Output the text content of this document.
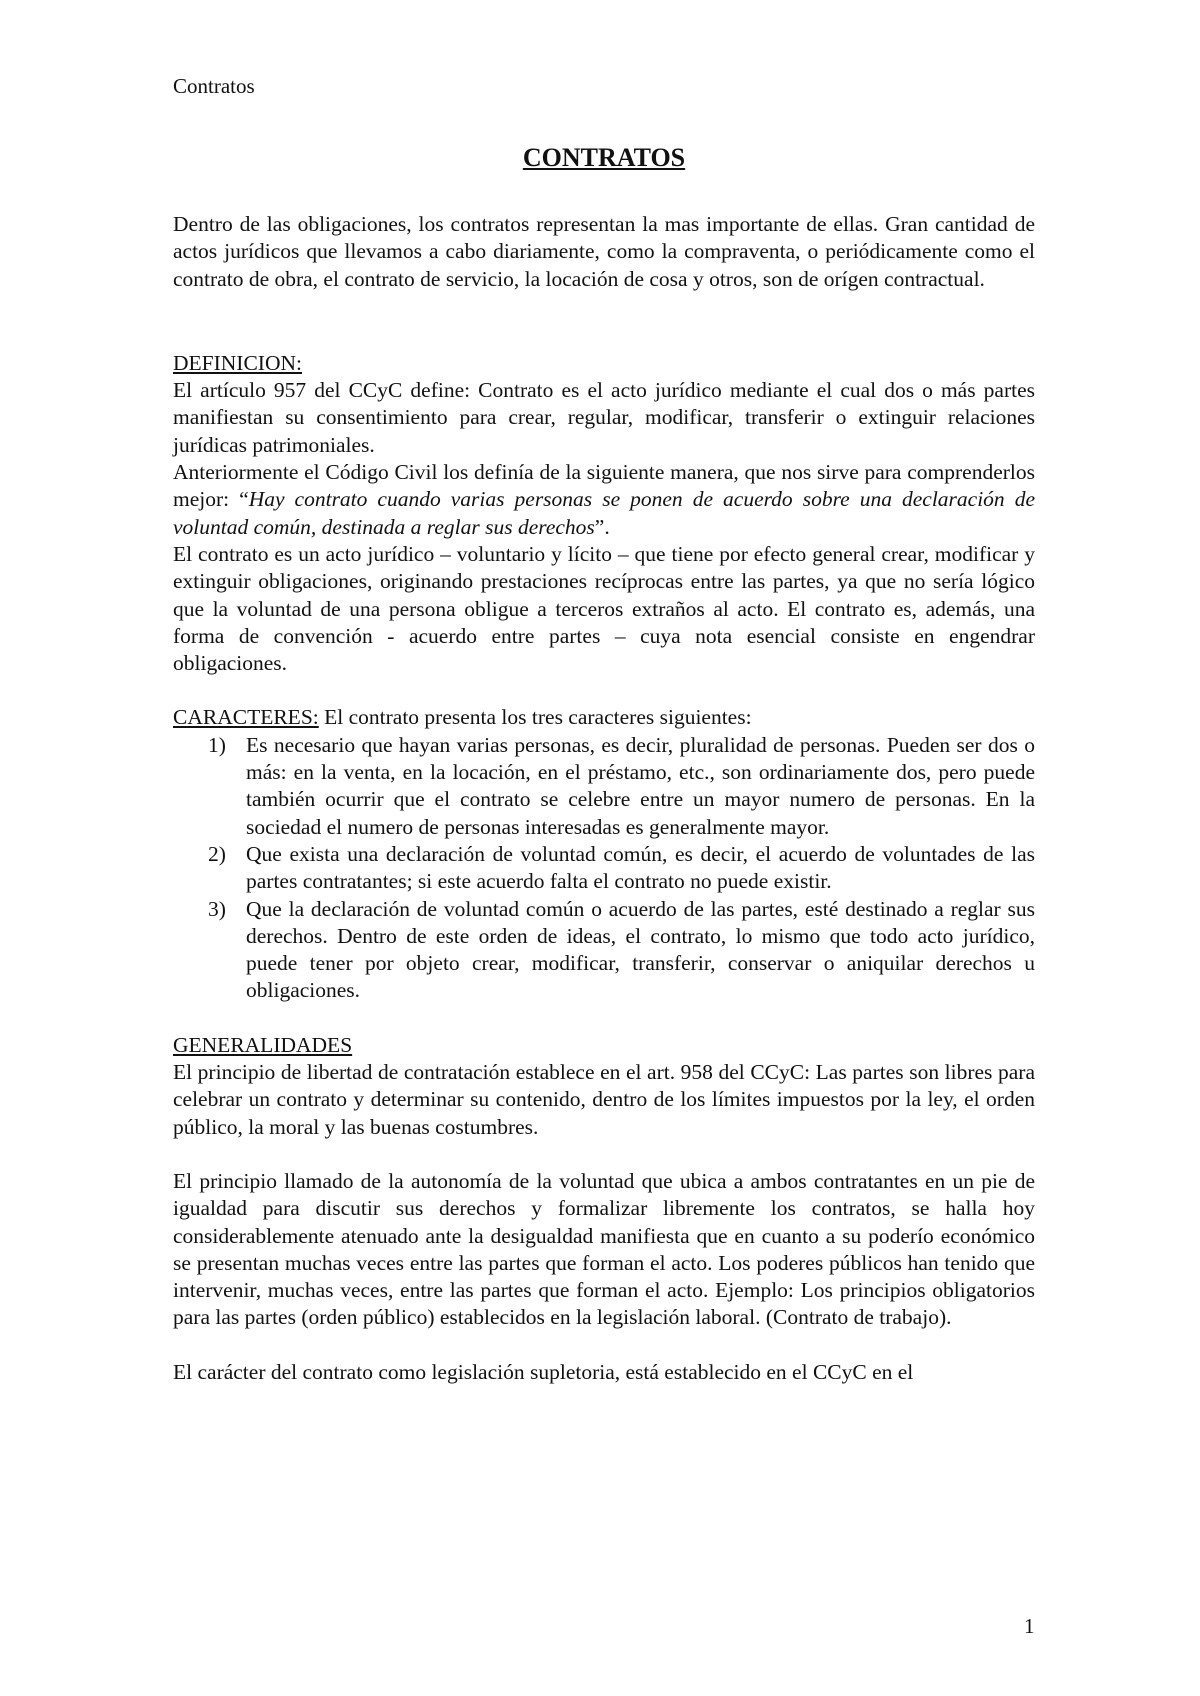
Contratos
CONTRATOS

Dentro de las obligaciones, los contratos representan la mas importante de ellas. Gran cantidad de actos jurídicos que llevamos a cabo diariamente, como la compraventa, o periódicamente como el contrato de obra, el contrato de servicio, la locación de cosa y otros, son de orígen contractual.

DEFINICION:

El artículo 957 del CCyC define: Contrato es el acto jurídico mediante el cual dos o más partes manifiestan su consentimiento para crear, regular, modificar, transferir o extinguir relaciones jurídicas patrimoniales.

Anteriormente el Código Civil los definía de la siguiente manera, que nos sirve para comprenderlos mejor: “Hay contrato cuando varias personas se ponen de acuerdo sobre una declaración de voluntad común, destinada a reglar sus derechos”.

El contrato es un acto jurídico – voluntario y lícito – que tiene por efecto general crear, modificar y extinguir obligaciones, originando prestaciones recíprocas entre las partes, ya que no sería lógico que la voluntad de una persona obligue a terceros extraños al acto. El contrato es, además, una forma de convención - acuerdo entre partes – cuya nota esencial consiste en engendrar obligaciones.

CARACTERES: El contrato presenta los tres caracteres siguientes:

1) Es necesario que hayan varias personas, es decir, pluralidad de personas. Pueden ser dos o más: en la venta, en la locación, en el préstamo, etc., son ordinariamente dos, pero puede también ocurrir que el contrato se celebre entre un mayor numero de personas. En la sociedad el numero de personas interesadas es generalmente mayor.
2) Que exista una declaración de voluntad común, es decir, el acuerdo de voluntades de las partes contratantes; si este acuerdo falta el contrato no puede existir.
3) Que la declaración de voluntad común o acuerdo de las partes, esté destinado a reglar sus derechos. Dentro de este orden de ideas, el contrato, lo mismo que todo acto jurídico, puede tener por objeto crear, modificar, transferir, conservar o aniquilar derechos u obligaciones.

GENERALIDADES

El principio de libertad de contratación establece en el art. 958 del CCyC: Las partes son libres para celebrar un contrato y determinar su contenido, dentro de los límites impuestos por la ley, el orden público, la moral y las buenas costumbres.

El principio llamado de la autonomía de la voluntad que ubica a ambos contratantes en un pie de igualdad para discutir sus derechos y formalizar libremente los contratos, se halla hoy considerablemente atenuado ante la desigualdad manifiesta que en cuanto a su poderío económico se presentan muchas veces entre las partes que forman el acto. Los poderes públicos han tenido que intervenir, muchas veces, entre las partes que forman el acto. Ejemplo: Los principios obligatorios para las partes (orden público) establecidos en la legislación laboral. (Contrato de trabajo).

El carácter del contrato como legislación supletoria, está establecido en el CCyC en el

1
